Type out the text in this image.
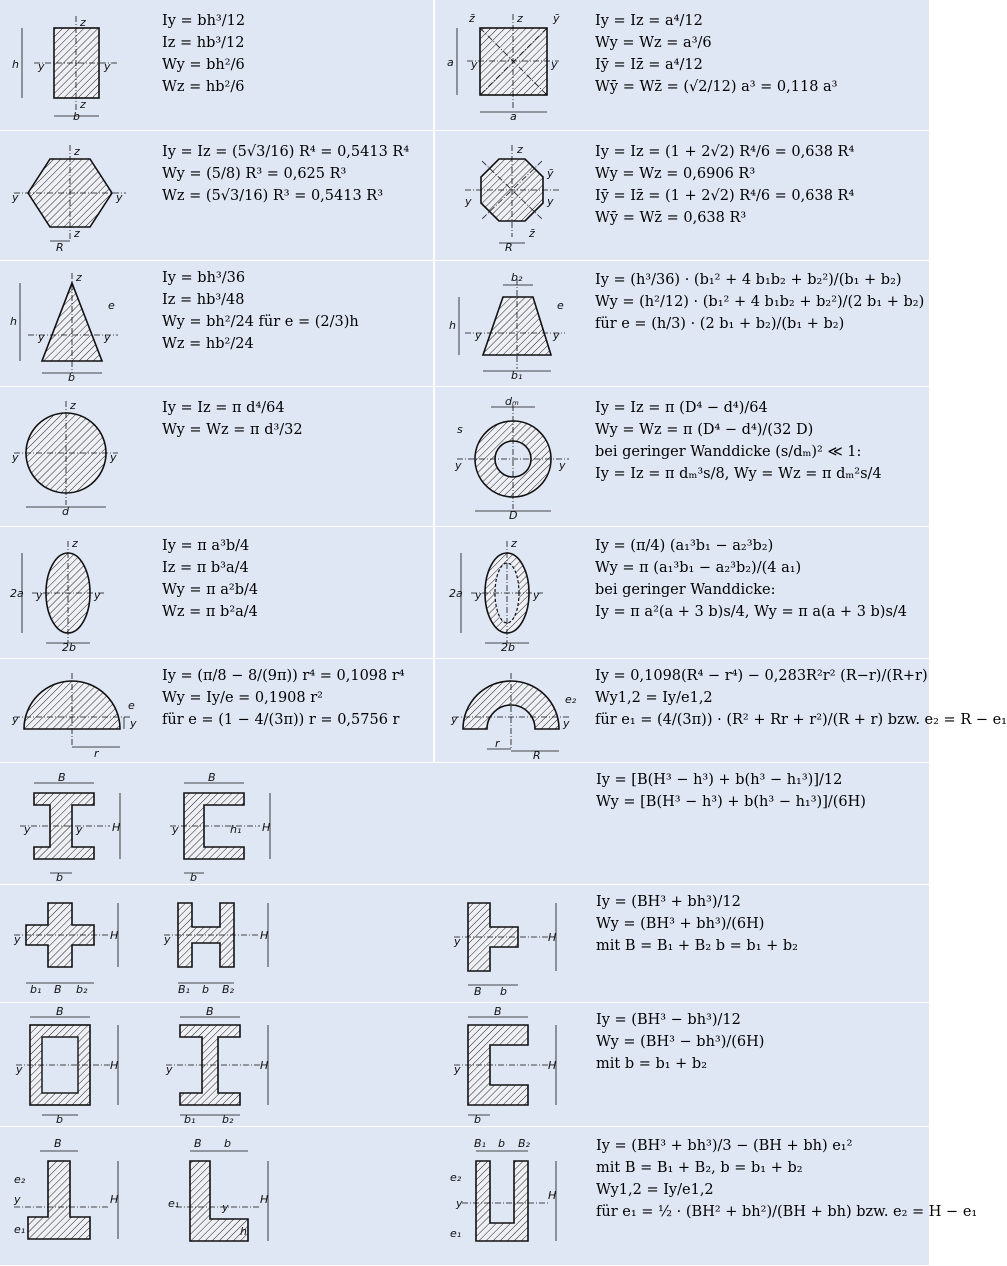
h
b
y	y
z
z
Iy = bh³/12
Iz = hb³/12
Wy = bh²/6
Wz = hb²/6
a
a
y	y
z	ȳ
z̄	Iy = Iz = a⁴/12
Wy = Wz = a³/6
Iȳ = Iz̄ = a⁴/12
Wȳ = Wz̄ = (√2/12) a³ = 0,118 a³
y	y
z
z
R
Iy = Iz = (5√3/16) R⁴ = 0,5413 R⁴
Wy = (5/8) R³ = 0,625 R³
Wz = (5√3/16) R³ = 0,5413 R³	y	y
z
R
ȳ
z̄
Iy = Iz = (1 + 2√2) R⁴/6 = 0,638 R⁴
Wy = Wz = 0,6906 R³
Iȳ = Iz̄ = (1 + 2√2) R⁴/6 = 0,638 R⁴
Wȳ = Wz̄ = 0,638 R³
h
b
y	y
z
e
Iy = bh³/36
Iz = hb³/48
Wy = bh²/24 für e = (2/3)h
Wz = hb²/24
h
b₁
b₂
y	y
e
Iy = (h³/36) · (b₁² + 4 b₁b₂ + b₂²)/(b₁ + b₂)
Wy = (h²/12) · (b₁² + 4 b₁b₂ + b₂²)/(2 b₁ + b₂)
für e = (h/3) · (2 b₁ + b₂)/(b₁ + b₂)
y	y
z
d
Iy = Iz = π d⁴/64
Wy = Wz = π d³/32
y	y
D
dₘ
s
Iy = Iz = π (D⁴ − d⁴)/64
Wy = Wz = π (D⁴ − d⁴)/(32 D)
bei geringer Wanddicke (s/dₘ)² ≪ 1:
Iy = Iz = π dₘ³s/8, Wy = Wz = π dₘ²s/4
2a
2b
y	y
z	Iy = π a³b/4
Iz = π b³a/4
Wy = π a²b/4
Wz = π b²a/4
2a
2b
y	y
z	Iy = (π/4) (a₁³b₁ − a₂³b₂)
Wy = π (a₁³b₁ − a₂³b₂)/(4 a₁)
bei geringer Wanddicke:
Iy = π a²(a + 3 b)s/4, Wy = π a(a + 3 b)s/4
y	y
r
e
Iy = (π/8 − 8/(9π)) r⁴ = 0,1098 r⁴
Wy = Iy/e = 0,1908 r²
für e = (1 − 4/(3π)) r = 0,5756 r	y	y
r
R
e₂
Iy = 0,1098(R⁴ − r⁴) − 0,283R²r² (R−r)/(R+r)
Wy1,2 = Iy/e1,2
für e₁ = (4/(3π)) · (R² + Rr + r²)/(R + r) bzw. e₂ = R − e₁
B
H
b
y	y
B
H
b
y	h₁
Iy = [B(H³ − h³) + b(h³ − h₁³)]/12
Wy = [B(H³ − h³) + b(h³ − h₁³)]/(6H)
H
y
b₁ B b₂
H
y
B₁ b B₂
H
y
B b
Iy = (BH³ + bh³)/12
Wy = (BH³ + bh³)/(6H)
mit B = B₁ + B₂ b = b₁ + b₂
B
H
y
b
B
H
y
b₁ b₂
B
H
y
b
Iy = (BH³ − bh³)/12
Wy = (BH³ − bh³)/(6H)
mit b = b₁ + b₂
B
H
y
e₁
e₂
B b
H
e₁	y
h
B₁ b B₂
H
y
e₁
e₂
Iy = (BH³ + bh³)/3 − (BH + bh) e₁²
mit B = B₁ + B₂, b = b₁ + b₂
Wy1,2 = Iy/e1,2
für e₁ = ½ · (BH² + bh²)/(BH + bh) bzw. e₂ = H − e₁
